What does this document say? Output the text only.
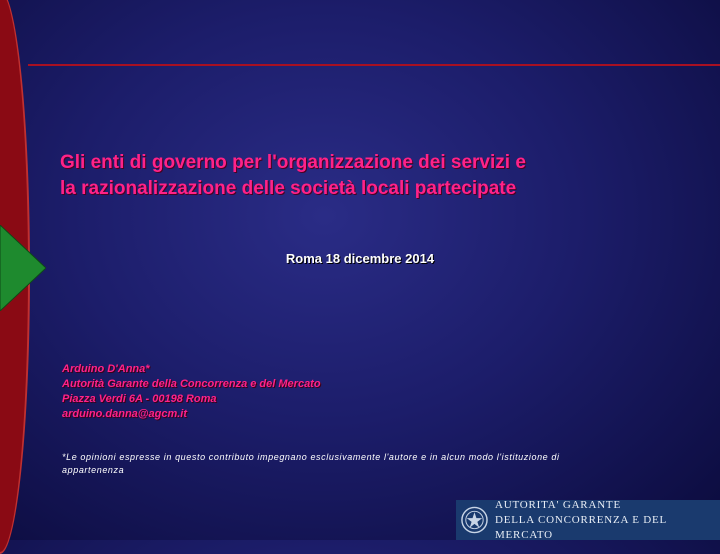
Gli enti di governo per l'organizzazione dei servizi e
la razionalizzazione delle società locali partecipate
Roma 18 dicembre 2014
Arduino D'Anna*
Autorità Garante della Concorrenza e del Mercato
Piazza Verdi 6A - 00198 Roma
arduino.danna@agcm.it
*Le opinioni espresse in questo contributo impegnano esclusivamente l'autore e in alcun modo l'istituzione di
appartenenza
AUTORITA' GARANTE
DELLA CONCORRENZA E DEL MERCATO
